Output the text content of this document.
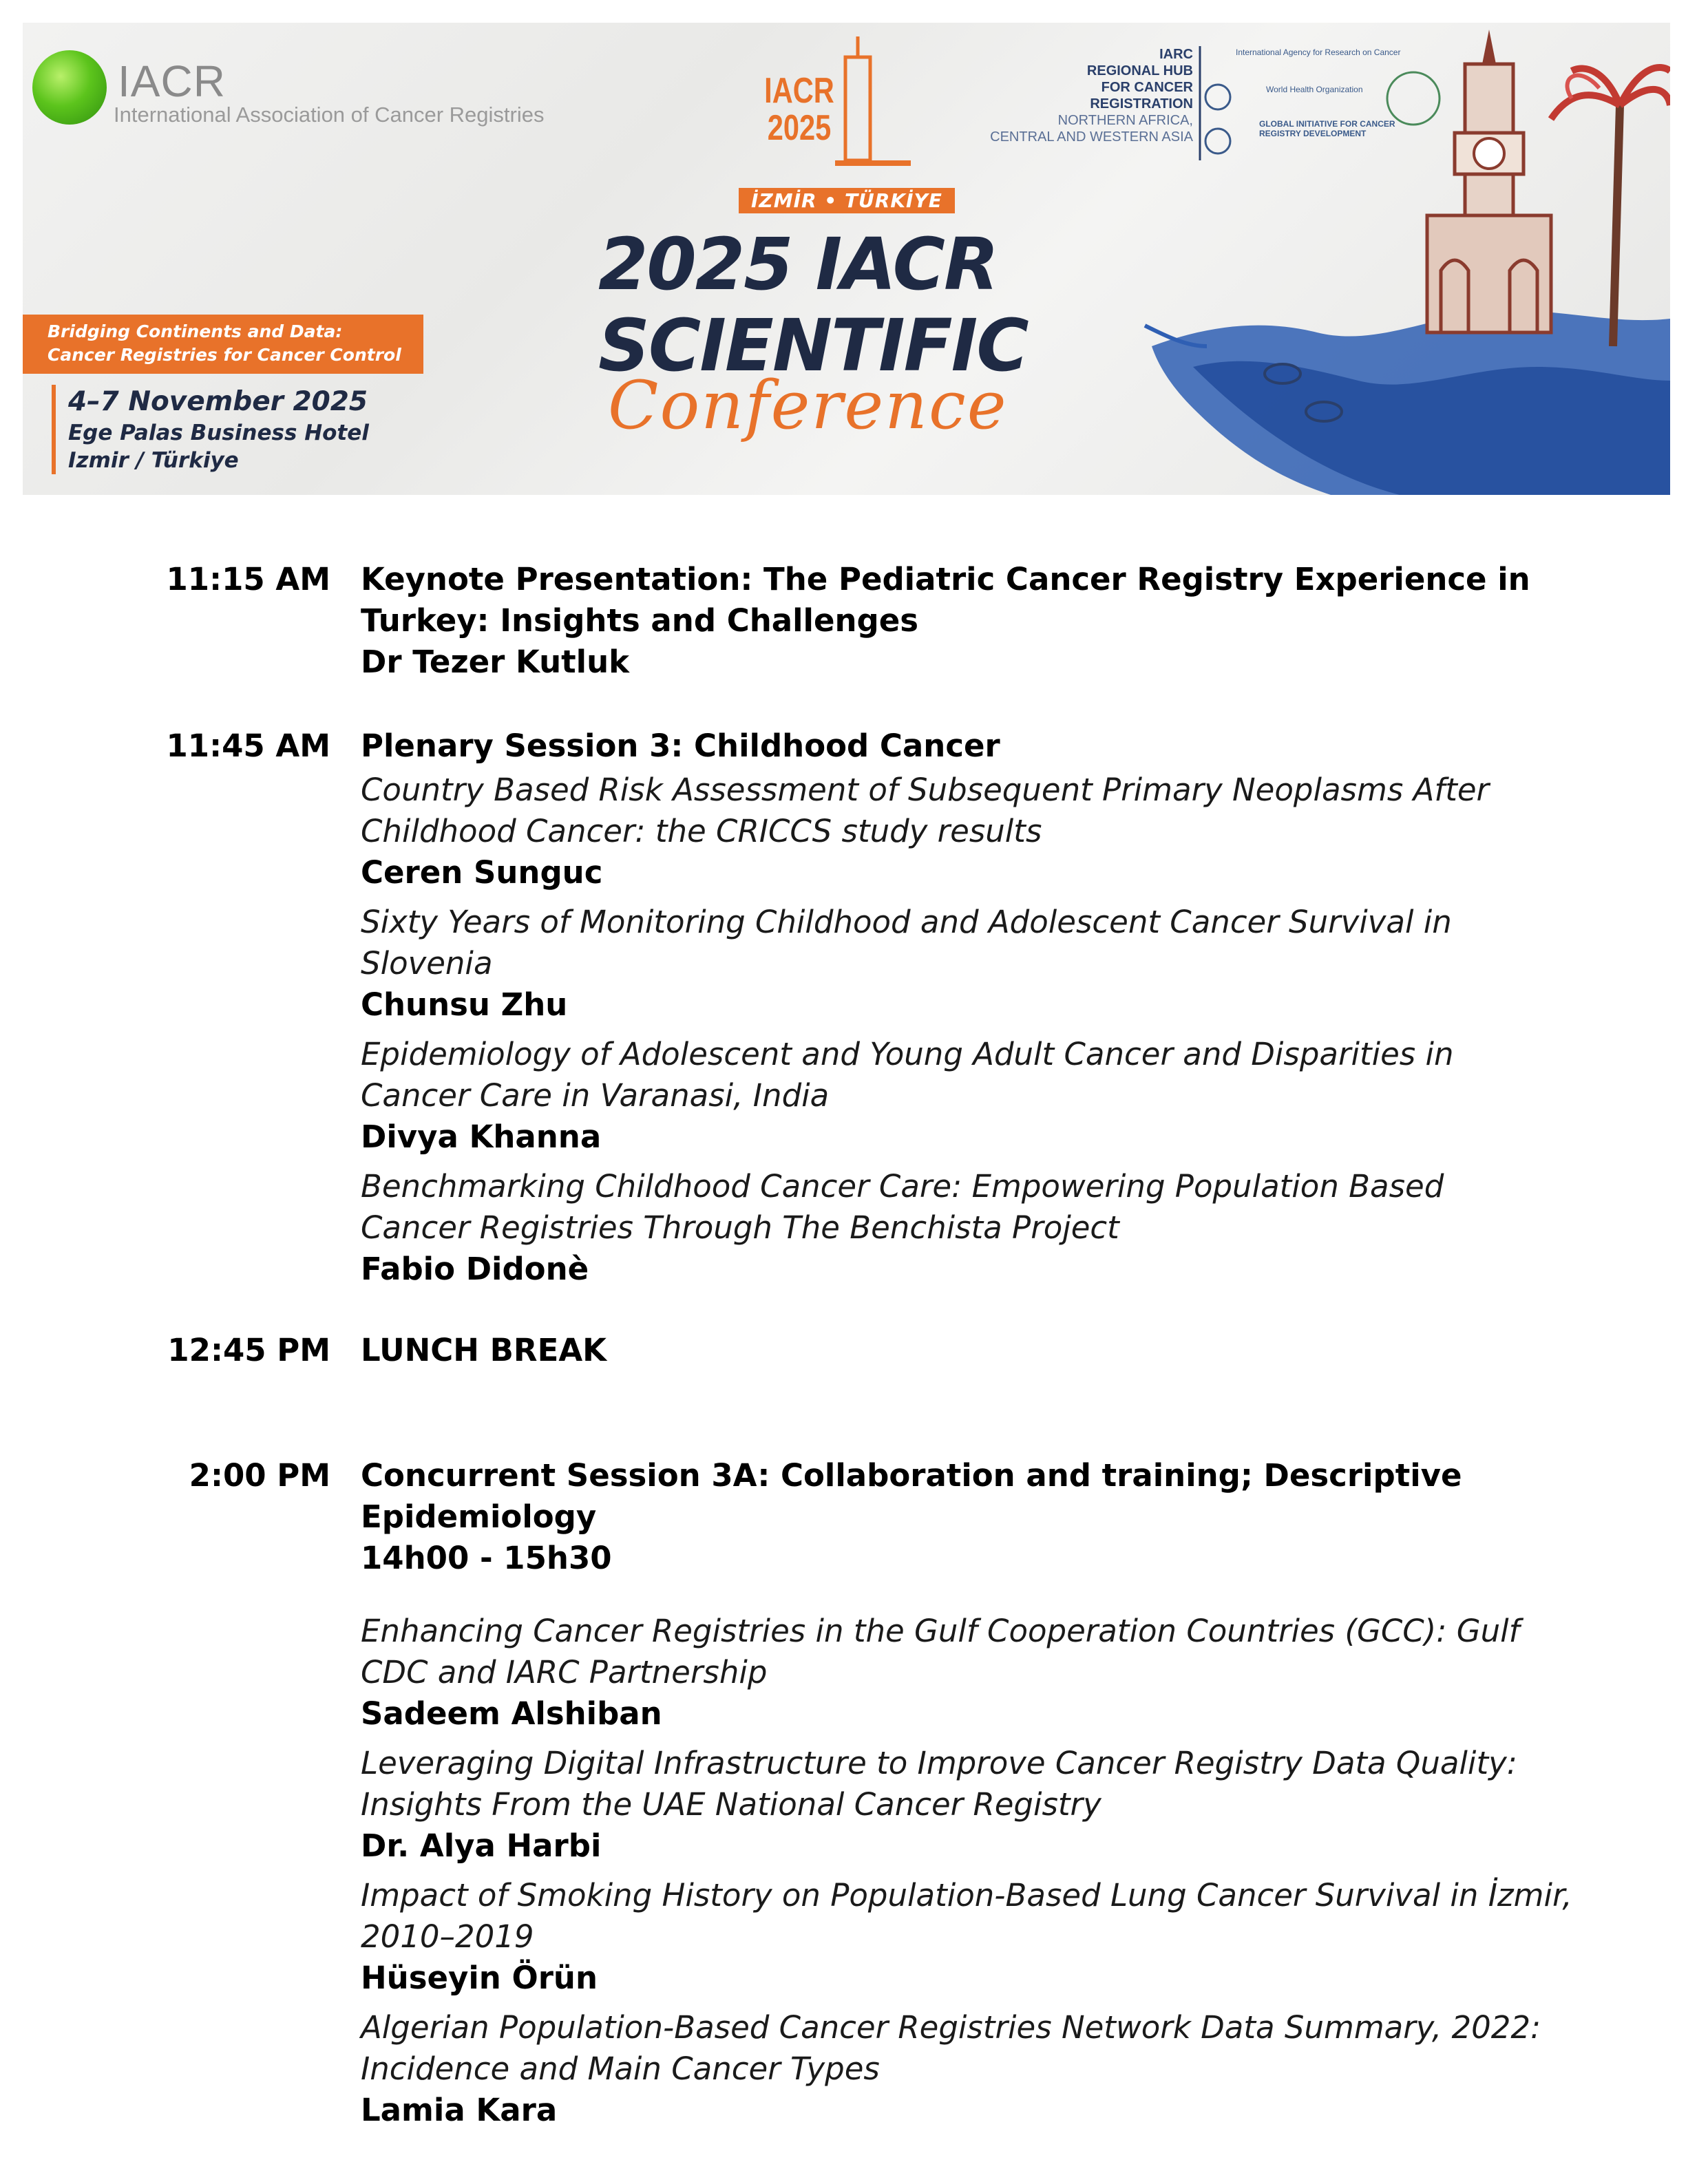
IACR
International Association of Cancer Registries
IACR
2025
İZMİR • TÜRKİYE
2025 IACR
SCIENTIFIC
Conference
IARC
REGIONAL HUB
FOR CANCER
REGISTRATION
NORTHERN AFRICA,
CENTRAL AND WESTERN ASIA
International Agency for Research on Cancer
World Health Organization
GLOBAL INITIATIVE FOR CANCER REGISTRY DEVELOPMENT
Bridging Continents and Data:
Cancer Registries for Cancer Control
4–7 November 2025
Ege Palas Business Hotel
Izmir / Türkiye
11:15 AM Keynote Presentation: The Pediatric Cancer Registry Experience in

Turkey: Insights and Challenges

Dr Tezer Kutluk

11:45 AM Plenary Session 3: Childhood Cancer

Country Based Risk Assessment of Subsequent Primary Neoplasms After

Childhood Cancer: the CRICCS study results

Ceren Sunguc

Sixty Years of Monitoring Childhood and Adolescent Cancer Survival in

Slovenia

Chunsu Zhu

Epidemiology of Adolescent and Young Adult Cancer and Disparities in

Cancer Care in Varanasi, India

Divya Khanna

Benchmarking Childhood Cancer Care: Empowering Population Based

Cancer Registries Through The Benchista Project

Fabio Didonè

12:45 PM LUNCH BREAK

2:00 PM Concurrent Session 3A: Collaboration and training; Descriptive

Epidemiology

14h00 - 15h30

Enhancing Cancer Registries in the Gulf Cooperation Countries (GCC): Gulf

CDC and IARC Partnership

Sadeem Alshiban

Leveraging Digital Infrastructure to Improve Cancer Registry Data Quality:

Insights From the UAE National Cancer Registry

Dr. Alya Harbi

Impact of Smoking History on Population-Based Lung Cancer Survival in İzmir,

2010–2019

Hüseyin Örün

Algerian Population-Based Cancer Registries Network Data Summary, 2022:

Incidence and Main Cancer Types

Lamia Kara
